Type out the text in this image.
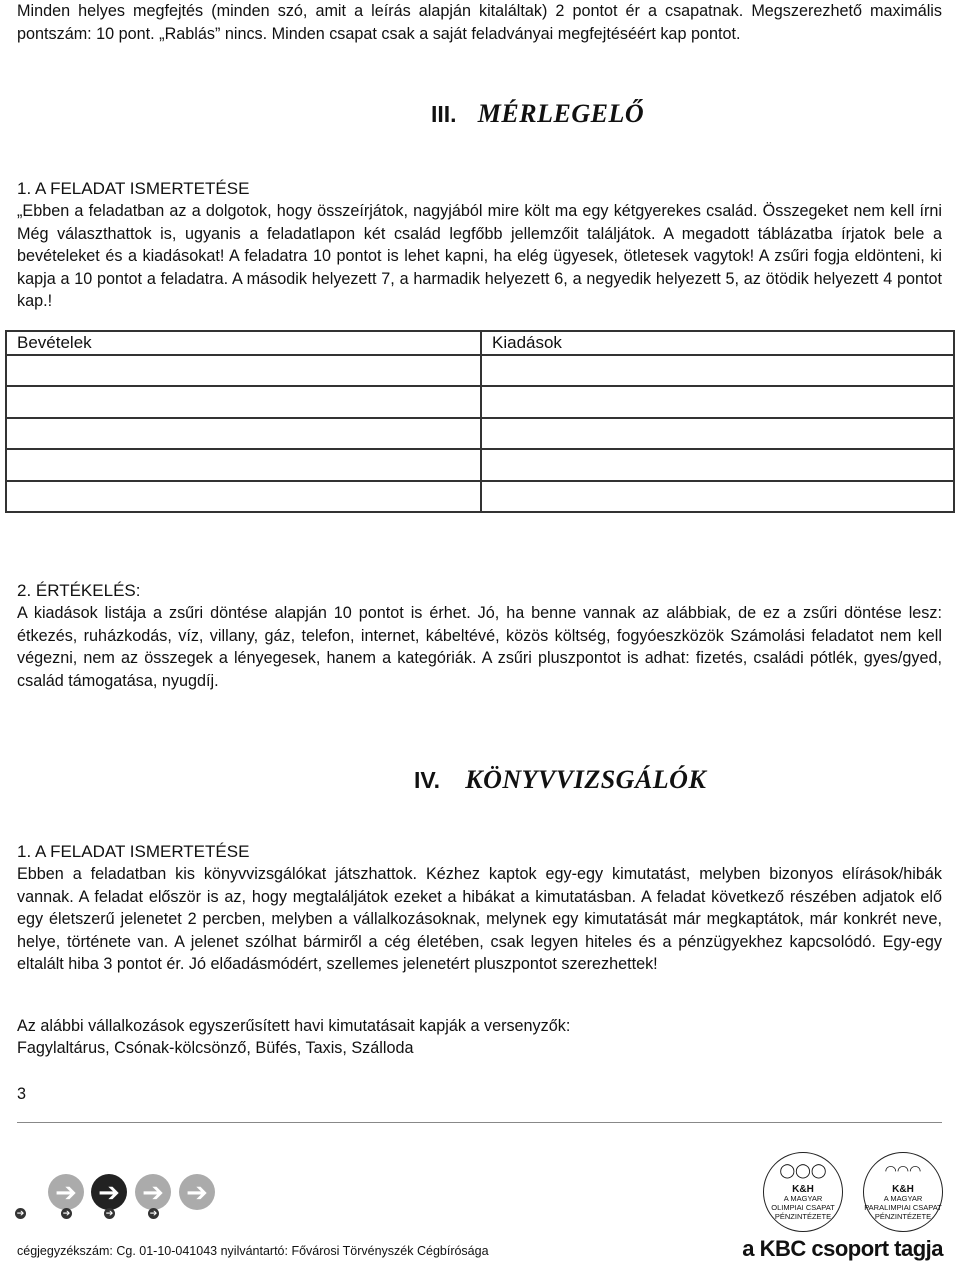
Minden helyes megfejtés (minden szó, amit a leírás alapján kitaláltak) 2 pontot ér a csapatnak. Megszerezhető maximális pontszám: 10 pont. „Rablás” nincs. Minden csapat csak a saját feladványai megfejtéséért kap pontot.
III. MÉRLEGELŐ
1. A FELADAT ISMERTETÉSE
„Ebben a feladatban az a dolgotok, hogy összeírjátok, nagyjából mire költ ma egy kétgyerekes család. Összegeket nem kell írni Még választhattok is, ugyanis a feladatlapon két család legfőbb jellemzőit találjátok. A megadott táblázatba írjatok bele a bevételeket és a kiadásokat! A feladatra 10 pontot is lehet kapni, ha elég ügyesek, ötletesek vagytok! A zsűri fogja eldönteni, ki kapja a 10 pontot a feladatra. A második helyezett 7, a harmadik helyezett 6, a negyedik helyezett 5, az ötödik helyezett 4 pontot kap.!
Bevételek	Kiadások

2. ÉRTÉKELÉS:
A kiadások listája a zsűri döntése alapján 10 pontot is érhet. Jó, ha benne vannak az alábbiak, de ez a zsűri döntése lesz: étkezés, ruházkodás, víz, villany, gáz, telefon, internet, kábeltévé, közös költség, fogyóeszközök Számolási feladatot nem kell végezni, nem az összegek a lényegesek, hanem a kategóriák. A zsűri pluszpontot is adhat: fizetés, családi pótlék, gyes/gyed, család támogatása, nyugdíj.
IV. KÖNYVVIZSGÁLÓK
1. A FELADAT ISMERTETÉSE
Ebben a feladatban kis könyvvizsgálókat játszhattok. Kézhez kaptok egy-egy kimutatást, melyben bizonyos elírások/hibák vannak. A feladat először is az, hogy megtaláljátok ezeket a hibákat a kimutatásban. A feladat következő részében adjatok elő egy életszerű jelenetet 2 percben, melyben a vállalkozásoknak, melynek egy kimutatását már megkaptátok, már konkrét neve, helye, története van. A jelenet szólhat bármiről a cég életében, csak legyen hiteles és a pénzügyekhez kapcsolódó. Egy-egy eltalált hiba 3 pontot ér. Jó előadásmódért, szellemes jelenetért pluszpontot szerezhettek!
Az alábbi vállalkozások egyszerűsített havi kimutatásait kapják a versenyzők:
Fagylaltárus, Csónak-kölcsönző, Büfés, Taxis, Szálloda
3
➔ ➔ ➔ ➔
➔	➔	➔	➔
◯◯◯
K&H
A MAGYAR
OLIMPIAI CSAPAT
PÉNZINTÉZETE
◠◠◠
K&H
A MAGYAR
PARALIMPIAI CSAPAT
PÉNZINTÉZETE
cégjegyzékszám: Cg. 01-10-041043 nyilvántartó: Fővárosi Törvényszék Cégbírósága	a KBC csoport tagja
